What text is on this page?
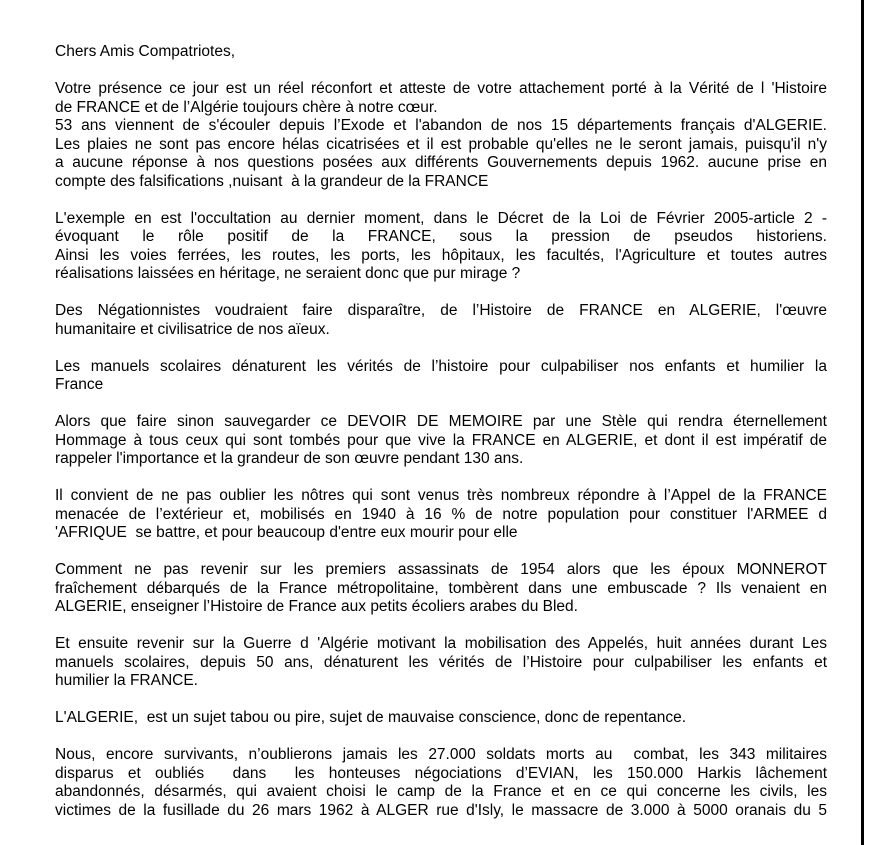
Chers Amis Compatriotes,
Votre présence ce jour est un réel réconfort et atteste de votre attachement porté à la Vérité de l 'Histoire
de FRANCE et de l’Algérie toujours chère à notre cœur.
53 ans viennent de s'écouler depuis l’Exode et l'abandon de nos 15 départements français d'ALGERIE.
Les plaies ne sont pas encore hélas cicatrisées et il est probable qu'elles ne le seront jamais, puisqu'il n'y
a aucune réponse à nos questions posées aux différents Gouvernements depuis 1962. aucune prise en
compte des falsifications ,nuisant  à la grandeur de la FRANCE
L'exemple en est l'occultation au dernier moment, dans le Décret de la Loi de Février 2005-article 2 -
évoquant le rôle positif de la FRANCE, sous la pression de pseudos historiens.
Ainsi les voies ferrées, les routes, les ports, les hôpitaux, les facultés, l'Agriculture et toutes autres
réalisations laissées en héritage, ne seraient donc que pur mirage ?
Des Négationnistes voudraient faire disparaître, de l’Histoire de FRANCE en ALGERIE, l'œuvre
humanitaire et civilisatrice de nos aïeux.
Les manuels scolaires dénaturent les vérités de l’histoire pour culpabiliser nos enfants et humilier la
France
Alors que faire sinon sauvegarder ce DEVOIR DE MEMOIRE par une Stèle qui rendra éternellement
Hommage à tous ceux qui sont tombés pour que vive la FRANCE en ALGERIE, et dont il est impératif de
rappeler l'importance et la grandeur de son œuvre pendant 130 ans.
Il convient de ne pas oublier les nôtres qui sont venus très nombreux répondre à l’Appel de la FRANCE
menacée de l’extérieur et, mobilisés en 1940 à 16 % de notre population pour constituer l'ARMEE d
'AFRIQUE  se battre, et pour beaucoup d'entre eux mourir pour elle
Comment ne pas revenir sur les premiers assassinats de 1954 alors que les époux MONNEROT
fraîchement débarqués de la France métropolitaine, tombèrent dans une embuscade ? Ils venaient en
ALGERIE, enseigner l’Histoire de France aux petits écoliers arabes du Bled.
Et ensuite revenir sur la Guerre d 'Algérie motivant la mobilisation des Appelés, huit années durant Les
manuels scolaires, depuis 50 ans, dénaturent les vérités de l’Histoire pour culpabiliser les enfants et
humilier la FRANCE.
L'ALGERIE,  est un sujet tabou ou pire, sujet de mauvaise conscience, donc de repentance.
Nous, encore survivants, n’oublierons jamais les 27.000 soldats morts au  combat, les 343 militaires
disparus et oubliés  dans  les honteuses négociations d’EVIAN, les 150.000 Harkis lâchement
abandonnés, désarmés, qui avaient choisi le camp de la France et en ce qui concerne les civils, les
victimes de la fusillade du 26 mars 1962 à ALGER rue d'Isly, le massacre de 3.000 à 5000 oranais du 5
